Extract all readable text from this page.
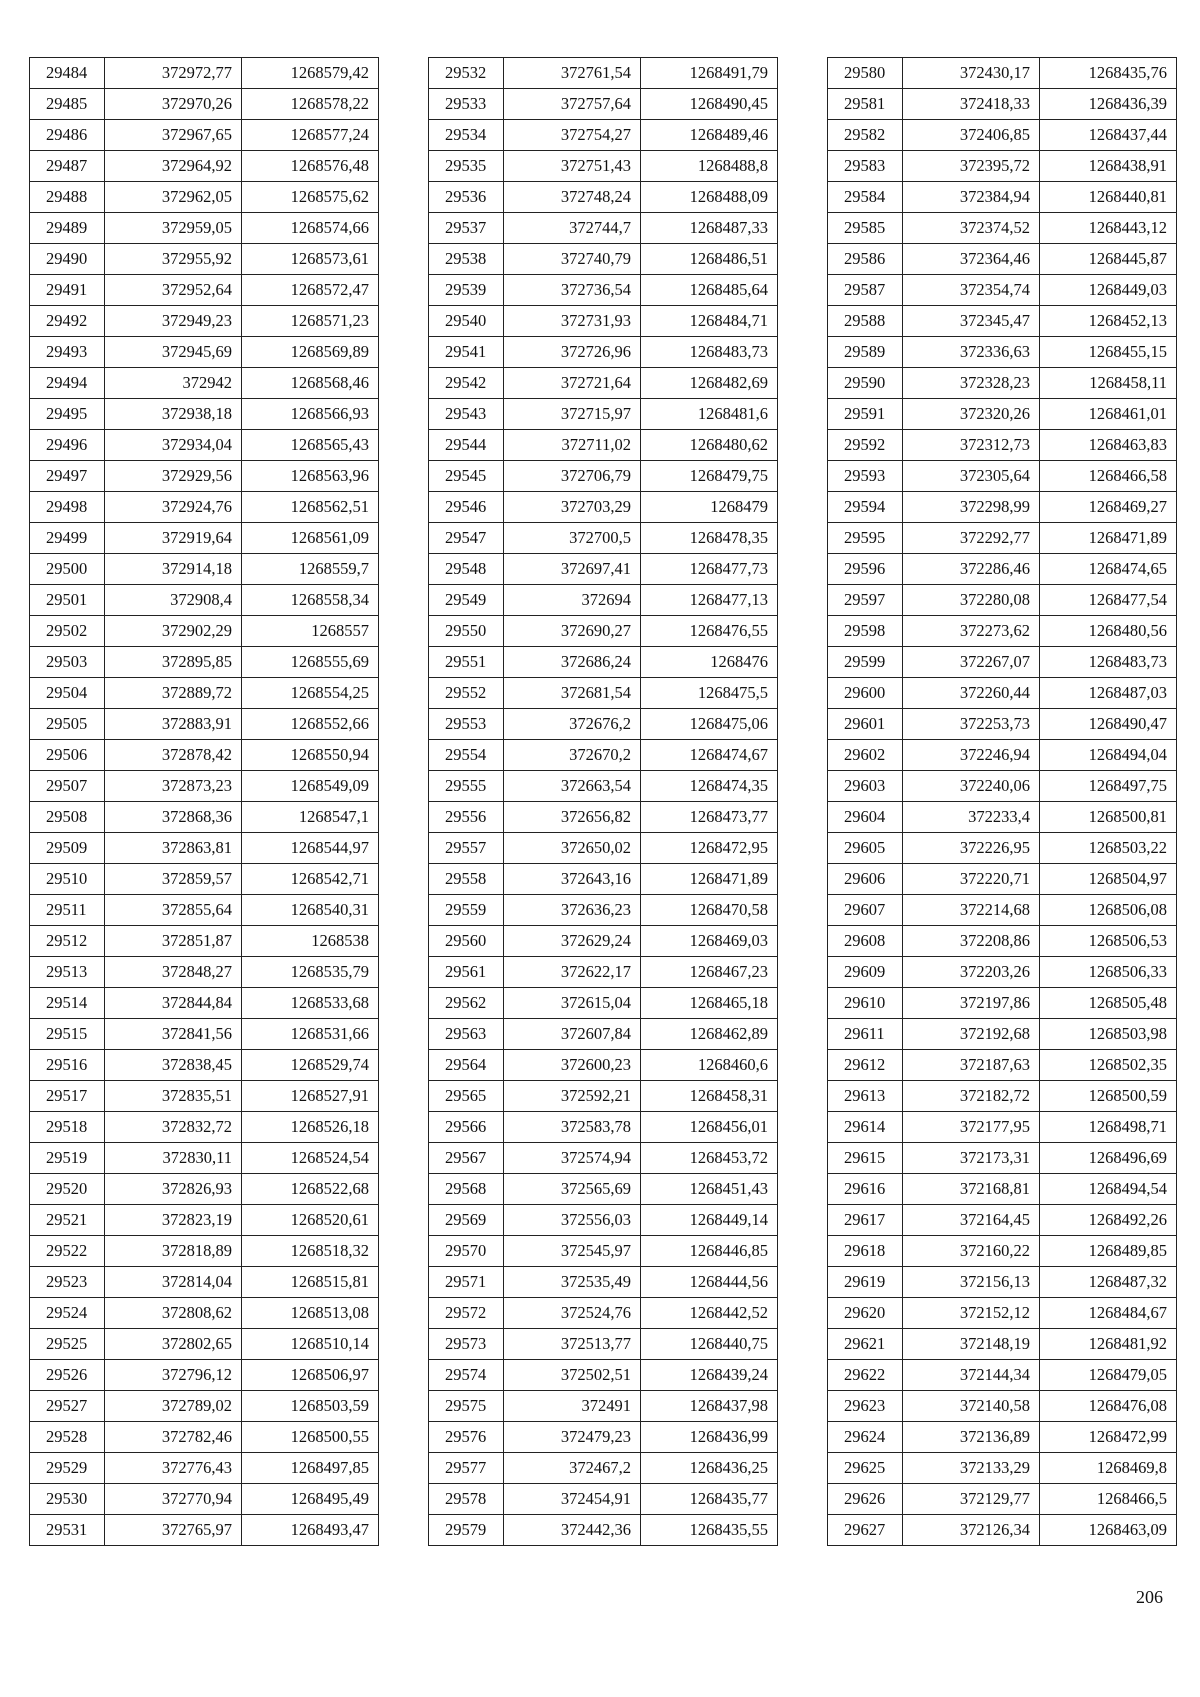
29484	372972,77	1268579,42
29485	372970,26	1268578,22
29486	372967,65	1268577,24
29487	372964,92	1268576,48
29488	372962,05	1268575,62
29489	372959,05	1268574,66
29490	372955,92	1268573,61
29491	372952,64	1268572,47
29492	372949,23	1268571,23
29493	372945,69	1268569,89
29494	372942	1268568,46
29495	372938,18	1268566,93
29496	372934,04	1268565,43
29497	372929,56	1268563,96
29498	372924,76	1268562,51
29499	372919,64	1268561,09
29500	372914,18	1268559,7
29501	372908,4	1268558,34
29502	372902,29	1268557
29503	372895,85	1268555,69
29504	372889,72	1268554,25
29505	372883,91	1268552,66
29506	372878,42	1268550,94
29507	372873,23	1268549,09
29508	372868,36	1268547,1
29509	372863,81	1268544,97
29510	372859,57	1268542,71
29511	372855,64	1268540,31
29512	372851,87	1268538
29513	372848,27	1268535,79
29514	372844,84	1268533,68
29515	372841,56	1268531,66
29516	372838,45	1268529,74
29517	372835,51	1268527,91
29518	372832,72	1268526,18
29519	372830,11	1268524,54
29520	372826,93	1268522,68
29521	372823,19	1268520,61
29522	372818,89	1268518,32
29523	372814,04	1268515,81
29524	372808,62	1268513,08
29525	372802,65	1268510,14
29526	372796,12	1268506,97
29527	372789,02	1268503,59
29528	372782,46	1268500,55
29529	372776,43	1268497,85
29530	372770,94	1268495,49
29531	372765,97	1268493,47
29532	372761,54	1268491,79
29533	372757,64	1268490,45
29534	372754,27	1268489,46
29535	372751,43	1268488,8
29536	372748,24	1268488,09
29537	372744,7	1268487,33
29538	372740,79	1268486,51
29539	372736,54	1268485,64
29540	372731,93	1268484,71
29541	372726,96	1268483,73
29542	372721,64	1268482,69
29543	372715,97	1268481,6
29544	372711,02	1268480,62
29545	372706,79	1268479,75
29546	372703,29	1268479
29547	372700,5	1268478,35
29548	372697,41	1268477,73
29549	372694	1268477,13
29550	372690,27	1268476,55
29551	372686,24	1268476
29552	372681,54	1268475,5
29553	372676,2	1268475,06
29554	372670,2	1268474,67
29555	372663,54	1268474,35
29556	372656,82	1268473,77
29557	372650,02	1268472,95
29558	372643,16	1268471,89
29559	372636,23	1268470,58
29560	372629,24	1268469,03
29561	372622,17	1268467,23
29562	372615,04	1268465,18
29563	372607,84	1268462,89
29564	372600,23	1268460,6
29565	372592,21	1268458,31
29566	372583,78	1268456,01
29567	372574,94	1268453,72
29568	372565,69	1268451,43
29569	372556,03	1268449,14
29570	372545,97	1268446,85
29571	372535,49	1268444,56
29572	372524,76	1268442,52
29573	372513,77	1268440,75
29574	372502,51	1268439,24
29575	372491	1268437,98
29576	372479,23	1268436,99
29577	372467,2	1268436,25
29578	372454,91	1268435,77
29579	372442,36	1268435,55
29580	372430,17	1268435,76
29581	372418,33	1268436,39
29582	372406,85	1268437,44
29583	372395,72	1268438,91
29584	372384,94	1268440,81
29585	372374,52	1268443,12
29586	372364,46	1268445,87
29587	372354,74	1268449,03
29588	372345,47	1268452,13
29589	372336,63	1268455,15
29590	372328,23	1268458,11
29591	372320,26	1268461,01
29592	372312,73	1268463,83
29593	372305,64	1268466,58
29594	372298,99	1268469,27
29595	372292,77	1268471,89
29596	372286,46	1268474,65
29597	372280,08	1268477,54
29598	372273,62	1268480,56
29599	372267,07	1268483,73
29600	372260,44	1268487,03
29601	372253,73	1268490,47
29602	372246,94	1268494,04
29603	372240,06	1268497,75
29604	372233,4	1268500,81
29605	372226,95	1268503,22
29606	372220,71	1268504,97
29607	372214,68	1268506,08
29608	372208,86	1268506,53
29609	372203,26	1268506,33
29610	372197,86	1268505,48
29611	372192,68	1268503,98
29612	372187,63	1268502,35
29613	372182,72	1268500,59
29614	372177,95	1268498,71
29615	372173,31	1268496,69
29616	372168,81	1268494,54
29617	372164,45	1268492,26
29618	372160,22	1268489,85
29619	372156,13	1268487,32
29620	372152,12	1268484,67
29621	372148,19	1268481,92
29622	372144,34	1268479,05
29623	372140,58	1268476,08
29624	372136,89	1268472,99
29625	372133,29	1268469,8
29626	372129,77	1268466,5
29627	372126,34	1268463,09
206
